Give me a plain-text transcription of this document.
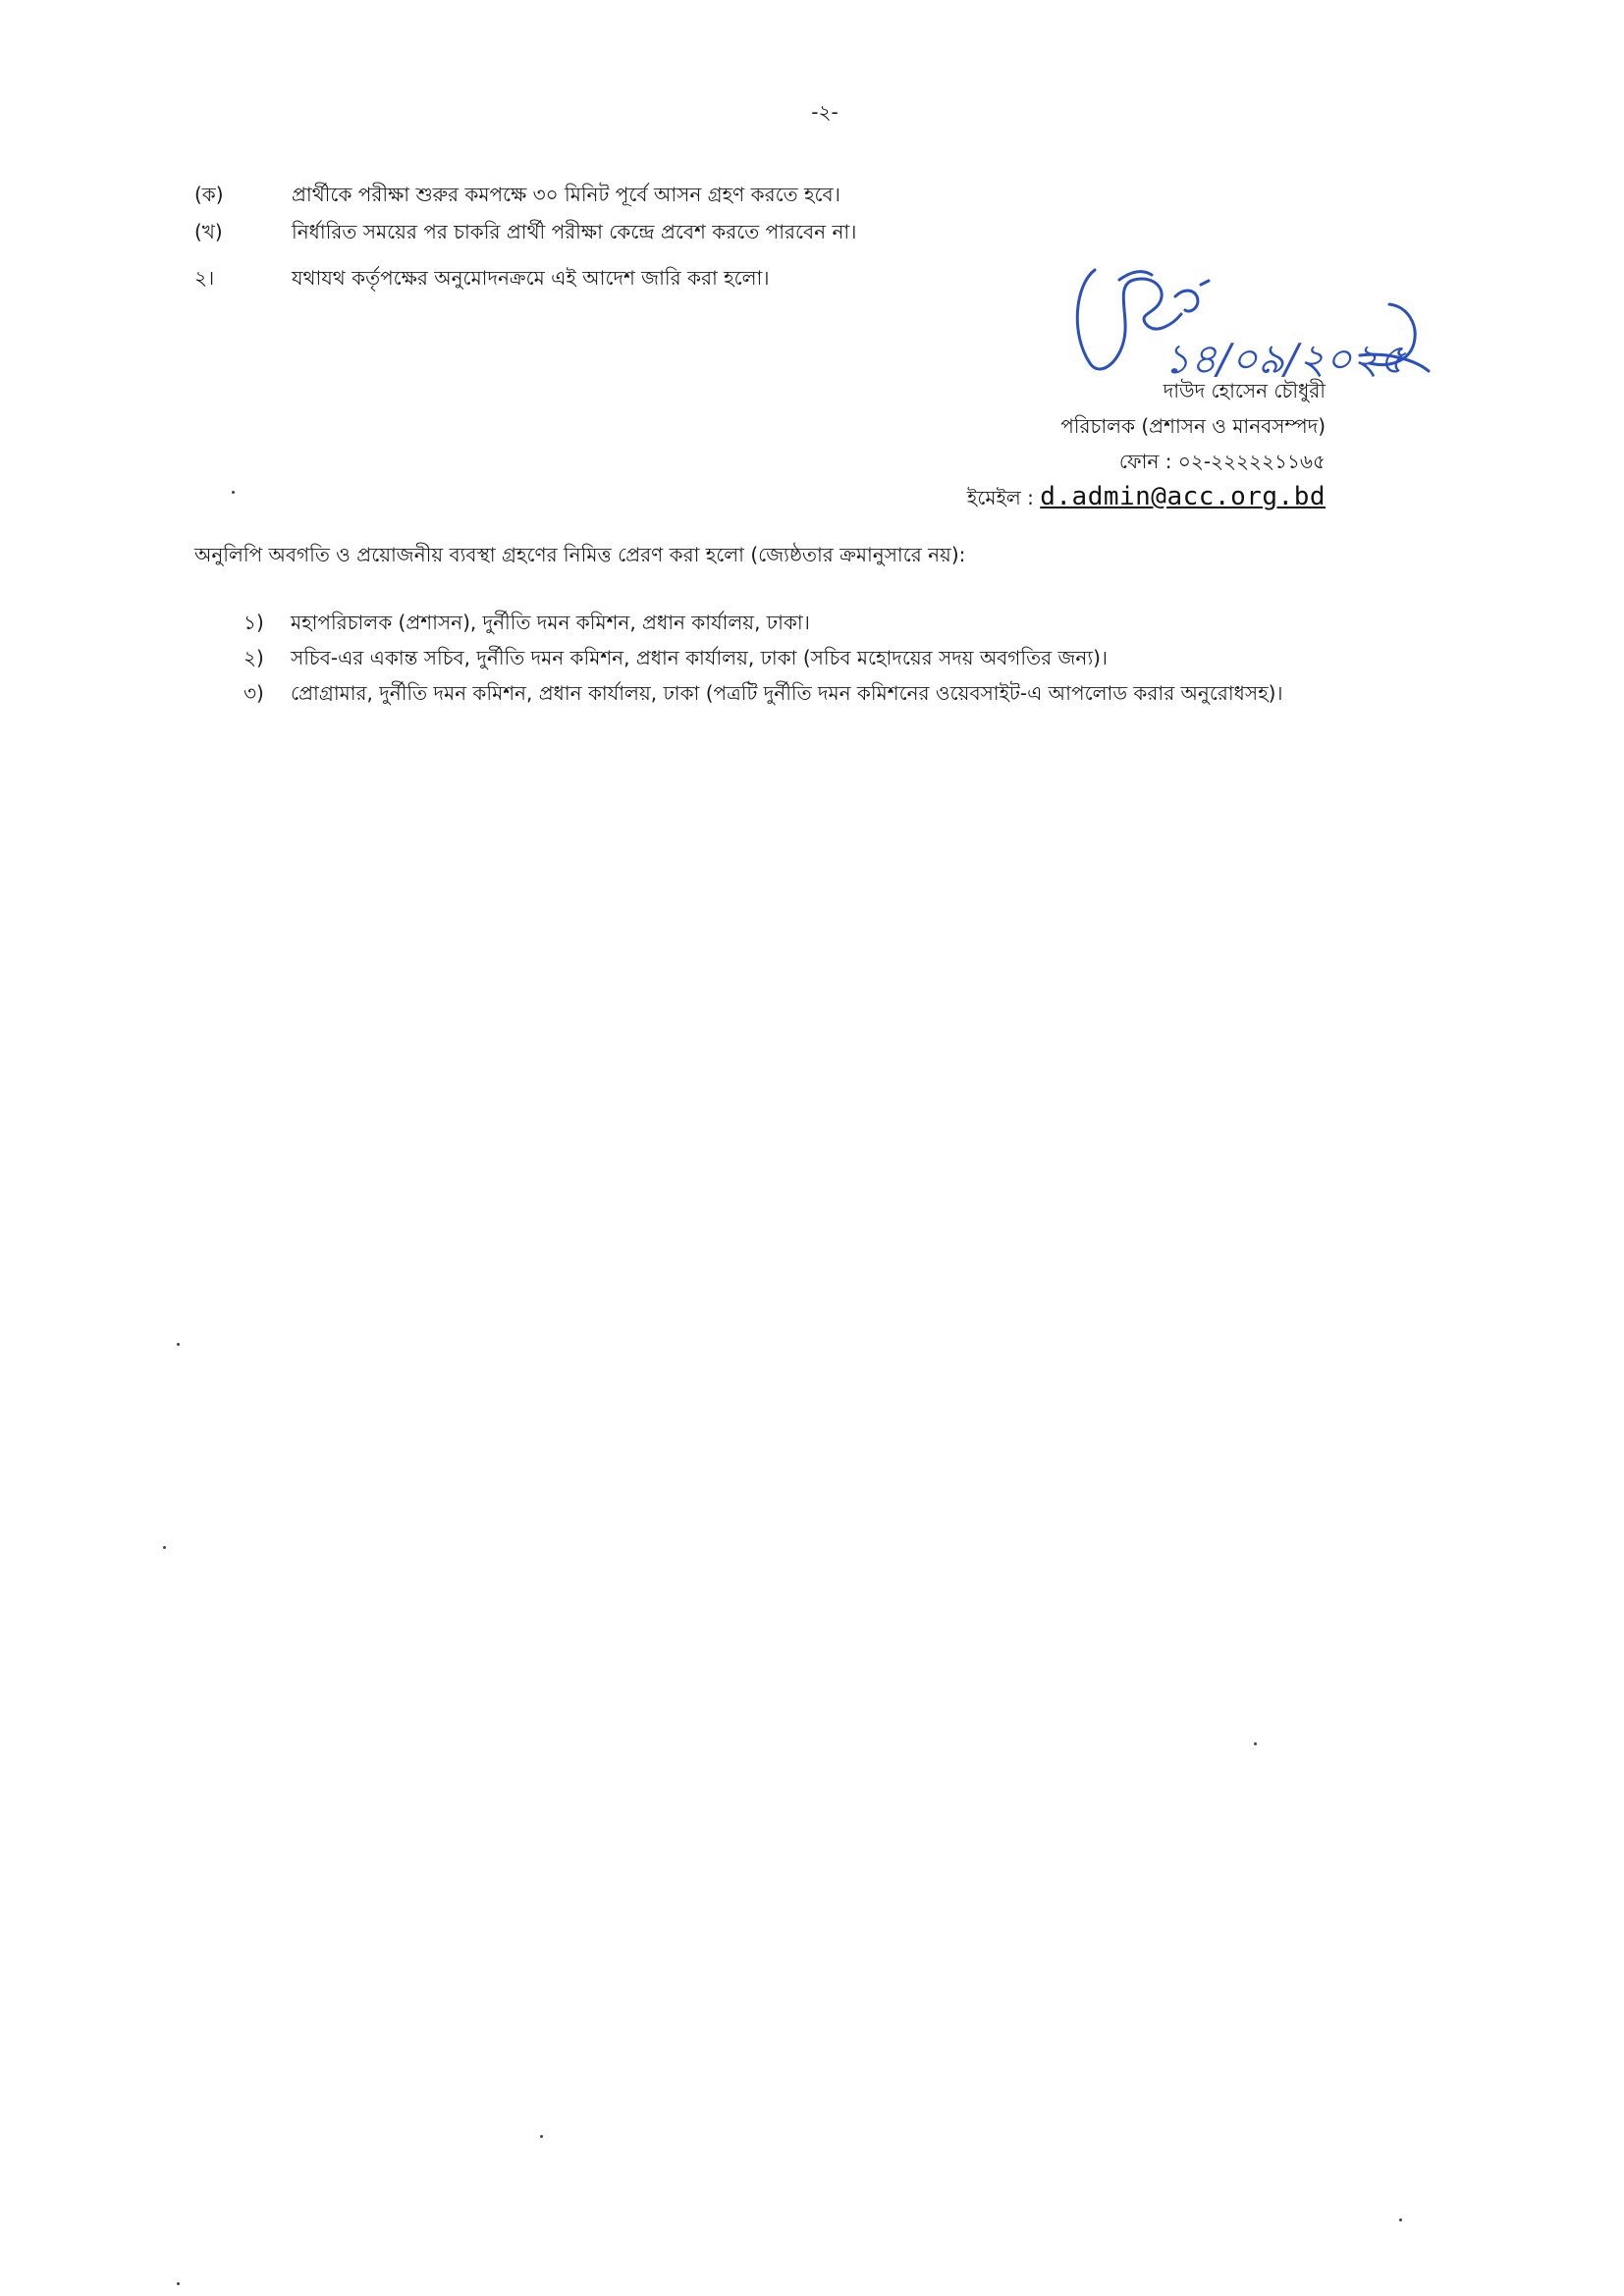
-২-
(ক)	প্রার্থীকে পরীক্ষা শুরুর কমপক্ষে ৩০ মিনিট পূর্বে আসন গ্রহণ করতে হবে।
(খ)	নির্ধারিত সময়ের পর চাকরি প্রার্থী পরীক্ষা কেন্দ্রে প্রবেশ করতে পারবেন না।
২।	যথাযথ কর্তৃপক্ষের অনুমোদনক্রমে এই আদেশ জারি করা হলো।
১৪/০৯/২০২৫
দাউদ হোসেন চৌধুরী
পরিচালক (প্রশাসন ও মানবসম্পদ)
ফোন : ০২-২২২২২১১৬৫
ইমেইল : d.admin@acc.org.bd
অনুলিপি অবগতি ও প্রয়োজনীয় ব্যবস্থা গ্রহণের নিমিত্ত প্রেরণ করা হলো (জ্যেষ্ঠতার ক্রমানুসারে নয়):
১) মহাপরিচালক (প্রশাসন), দুর্নীতি দমন কমিশন, প্রধান কার্যালয়, ঢাকা।
২) সচিব-এর একান্ত সচিব, দুর্নীতি দমন কমিশন, প্রধান কার্যালয়, ঢাকা (সচিব মহোদয়ের সদয় অবগতির জন্য)।
৩) প্রোগ্রামার, দুর্নীতি দমন কমিশন, প্রধান কার্যালয়, ঢাকা (পত্রটি দুর্নীতি দমন কমিশনের ওয়েবসাইট-এ আপলোড করার অনুরোধসহ)।
